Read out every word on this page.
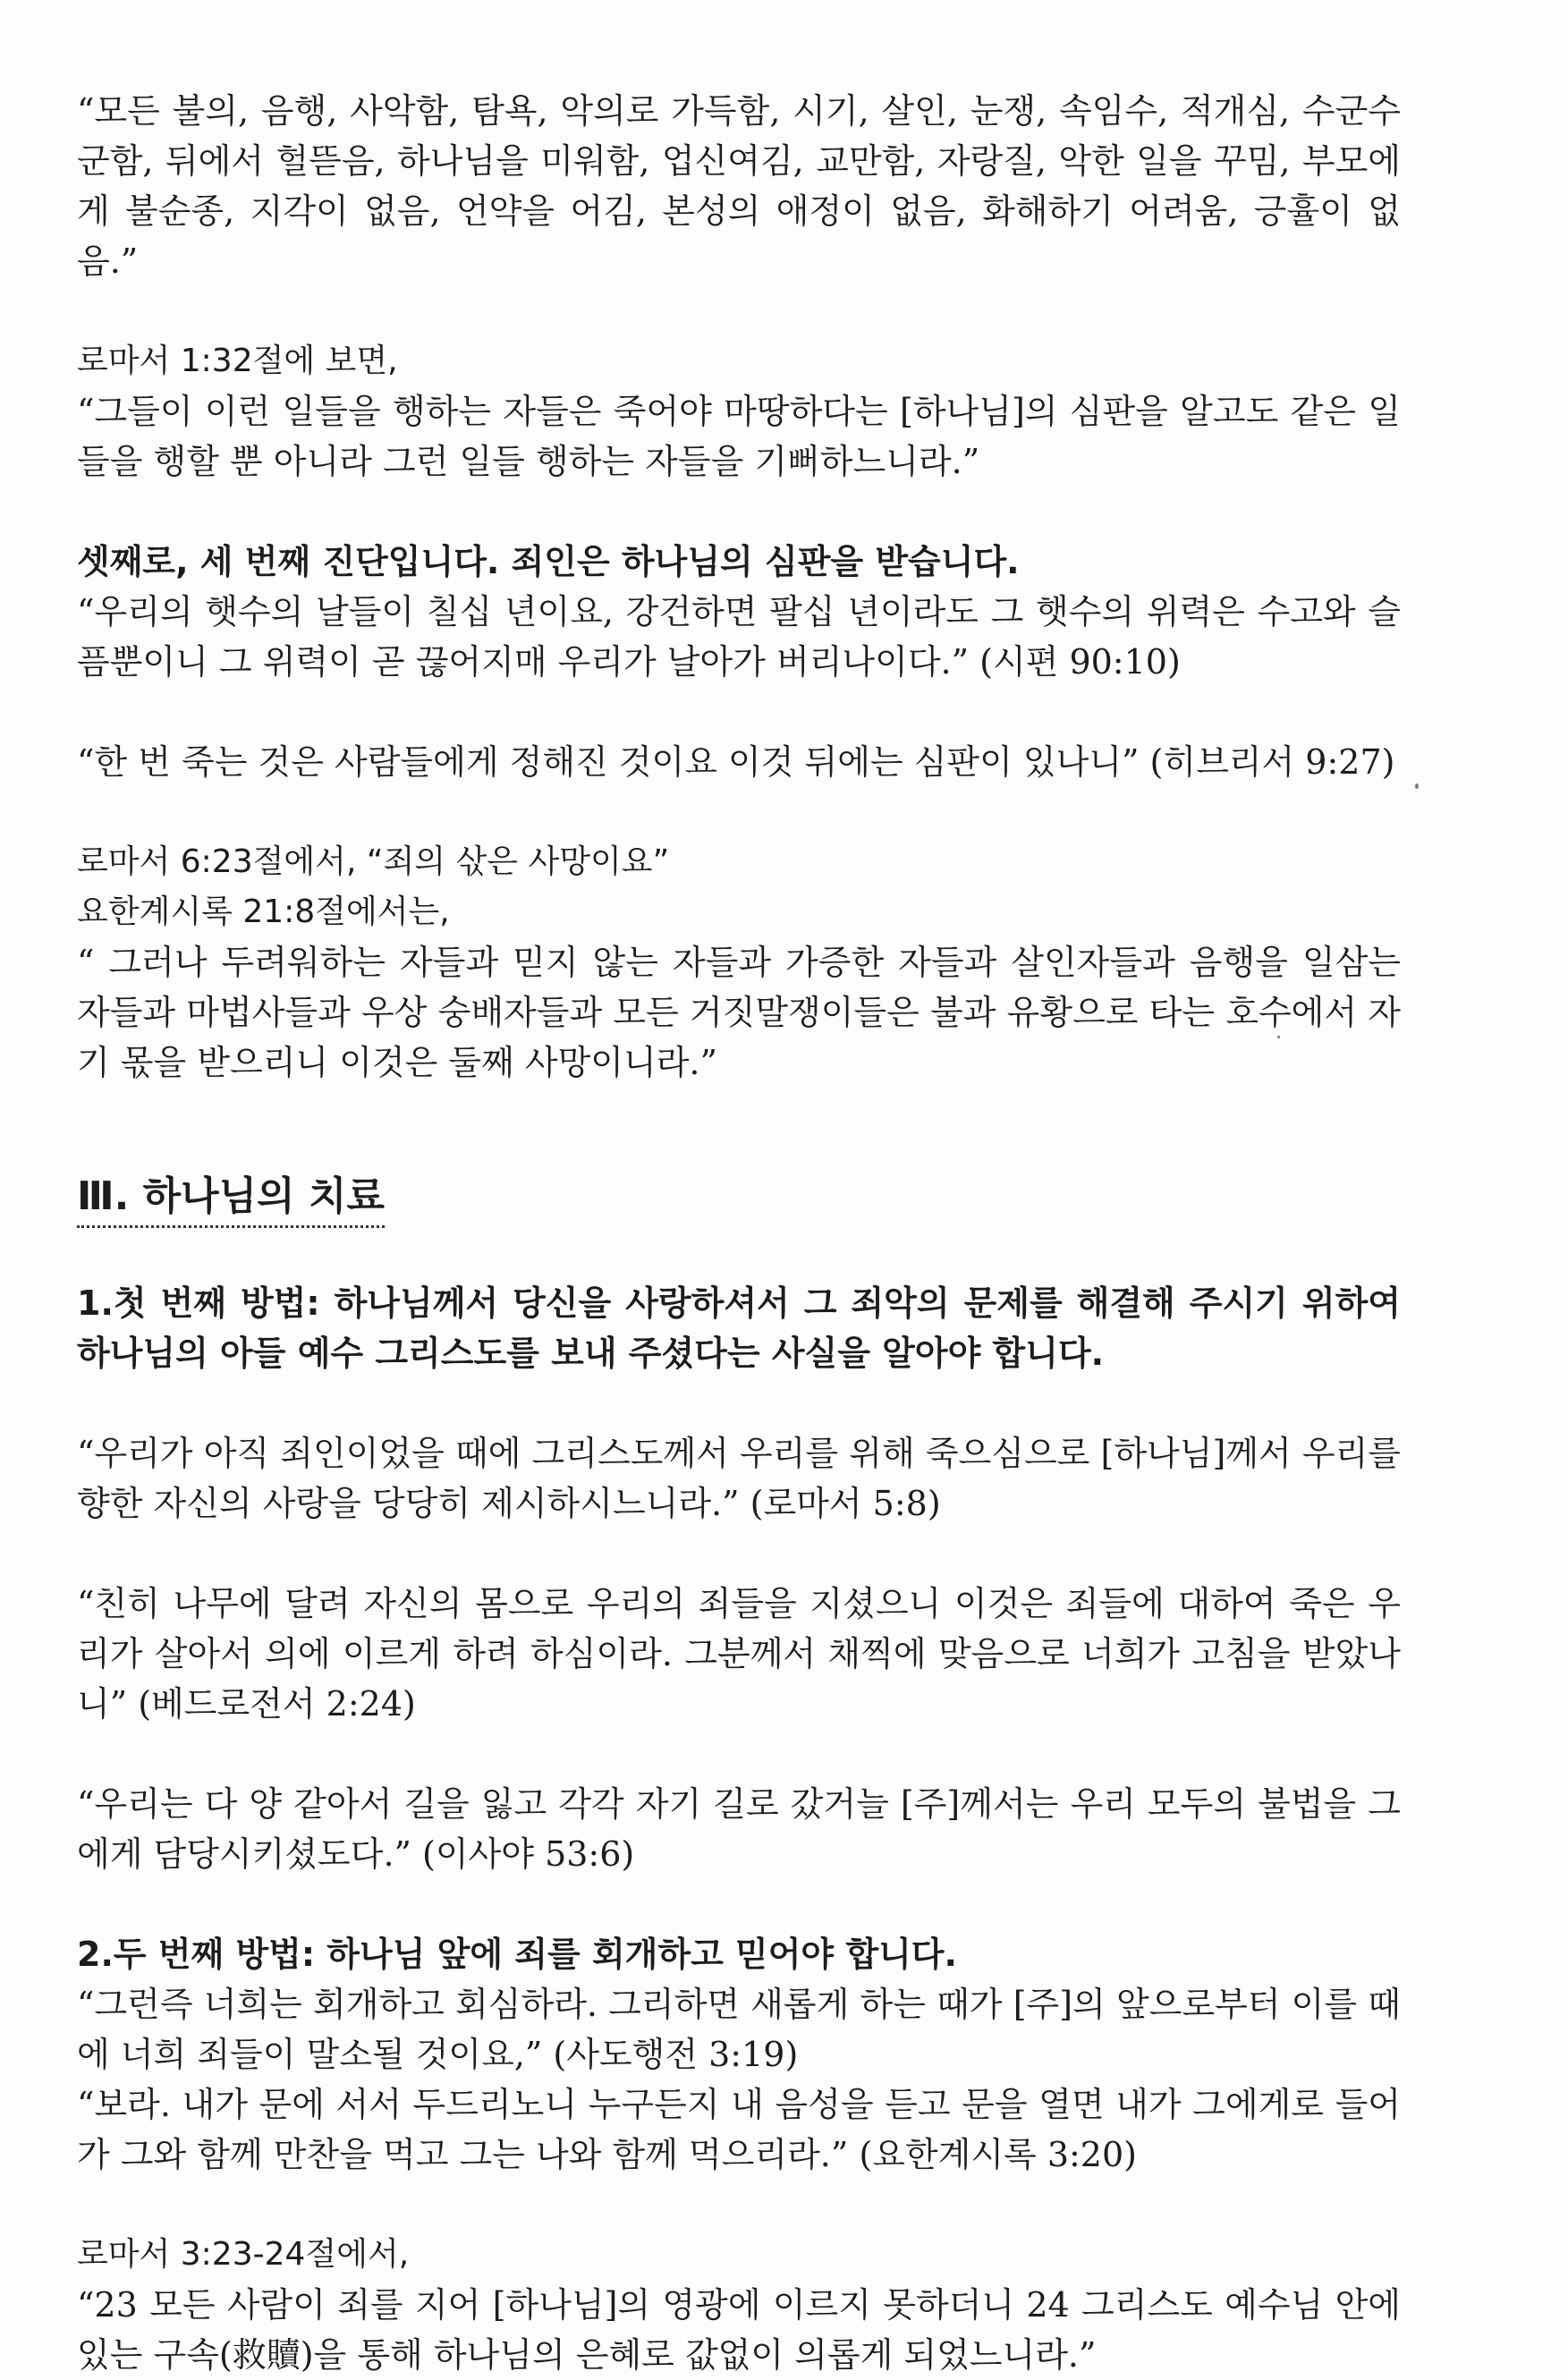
“모든 불의, 음행, 사악함, 탐욕, 악의로 가득함, 시기, 살인, 눈쟁, 속임수, 적개심, 수군수군함, 뒤에서 헐뜯음, 하나님을 미워함, 업신여김, 교만함, 자랑질, 악한 일을 꾸밈, 부모에게 불순종, 지각이 없음, 언약을 어김, 본성의 애정이 없음, 화해하기 어려움, 긍휼이 없음.”

로마서 1:32절에 보면,

“그들이 이런 일들을 행하는 자들은 죽어야 마땅하다는 [하나님]의 심판을 알고도 같은 일들을 행할 뿐 아니라 그런 일들 행하는 자들을 기뻐하느니라.”

셋째로, 세 번째 진단입니다. 죄인은 하나님의 심판을 받습니다.

“우리의 햇수의 날들이 칠십 년이요, 강건하면 팔십 년이라도 그 햇수의 위력은 수고와 슬픔뿐이니 그 위력이 곧 끊어지매 우리가 날아가 버리나이다.” (시편 90:10)

“한 번 죽는 것은 사람들에게 정해진 것이요 이것 뒤에는 심판이 있나니” (히브리서 9:27)

로마서 6:23절에서, “죄의 삯은 사망이요”

요한계시록 21:8절에서는,

“ 그러나 두려워하는 자들과 믿지 않는 자들과 가증한 자들과 살인자들과 음행을 일삼는 자들과 마법사들과 우상 숭배자들과 모든 거짓말쟁이들은 불과 유황으로 타는 호수에서 자기 몫을 받으리니 이것은 둘째 사망이니라.”

Ⅲ. 하나님의 치료

1.첫 번째 방법: 하나님께서 당신을 사랑하셔서 그 죄악의 문제를 해결해 주시기 위하여 하나님의 아들 예수 그리스도를 보내 주셨다는 사실을 알아야 합니다.

“우리가 아직 죄인이었을 때에 그리스도께서 우리를 위해 죽으심으로 [하나님]께서 우리를 향한 자신의 사랑을 당당히 제시하시느니라.” (로마서 5:8)

“친히 나무에 달려 자신의 몸으로 우리의 죄들을 지셨으니 이것은 죄들에 대하여 죽은 우리가 살아서 의에 이르게 하려 하심이라. 그분께서 채찍에 맞음으로 너희가 고침을 받았나니” (베드로전서 2:24)

“우리는 다 양 같아서 길을 잃고 각각 자기 길로 갔거늘 [주]께서는 우리 모두의 불법을 그에게 담당시키셨도다.” (이사야 53:6)

2.두 번째 방법: 하나님 앞에 죄를 회개하고 믿어야 합니다.

“그런즉 너희는 회개하고 회심하라. 그리하면 새롭게 하는 때가 [주]의 앞으로부터 이를 때에 너희 죄들이 말소될 것이요,” (사도행전 3:19)

“보라. 내가 문에 서서 두드리노니 누구든지 내 음성을 듣고 문을 열면 내가 그에게로 들어가 그와 함께 만찬을 먹고 그는 나와 함께 먹으리라.” (요한계시록 3:20)

로마서 3:23-24절에서,

“23 모든 사람이 죄를 지어 [하나님]의 영광에 이르지 못하더니 24 그리스도 예수님 안에 있는 구속(救贖)을 통해 하나님의 은혜로 값없이 의롭게 되었느니라.”
